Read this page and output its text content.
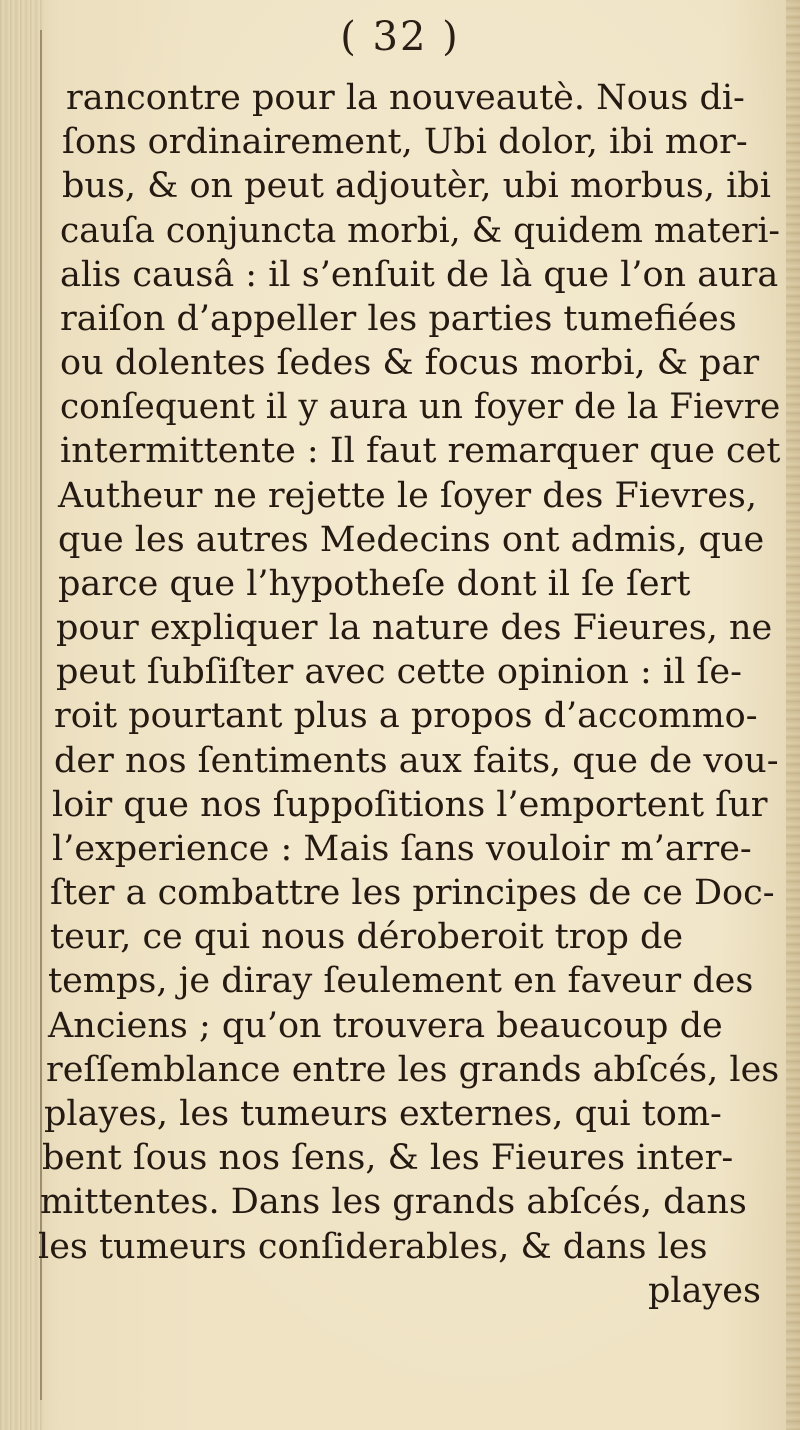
( 32 )
rancontre pour la nouveautè. Nous di-
ſons ordinairement, Ubi dolor, ibi mor-
bus, & on peut adjoutèr, ubi morbus, ibi
cauſa conjuncta morbi, & quidem materi-
alis causâ : il s’enſuit de là que l’on aura
raiſon d’appeller les parties tumefiées
ou dolentes ſedes & focus morbi, & par
conſequent il y aura un foyer de la Fievre
intermittente : Il faut remarquer que cet
Autheur ne rejette le ſoyer des Fievres,
que les autres Medecins ont admis, que
parce que l’hypotheſe dont il ſe ſert
pour expliquer la nature des Fieures, ne
peut ſubſiſter avec cette opinion : il ſe-
roit pourtant plus a propos d’accommo-
der nos ſentiments aux faits, que de vou-
loir que nos ſuppoſitions l’emportent ſur
l’experience : Mais ſans vouloir m’arre-
ſter a combattre les principes de ce Doc-
teur, ce qui nous déroberoit trop de
temps, je diray ſeulement en faveur des
Anciens ; qu’on trouvera beaucoup de
reſſemblance entre les grands abſcés, les
playes, les tumeurs externes, qui tom-
bent ſous nos ſens, & les Fieures inter-
mittentes. Dans les grands abſcés, dans
les tumeurs conſiderables, & dans les
playes
